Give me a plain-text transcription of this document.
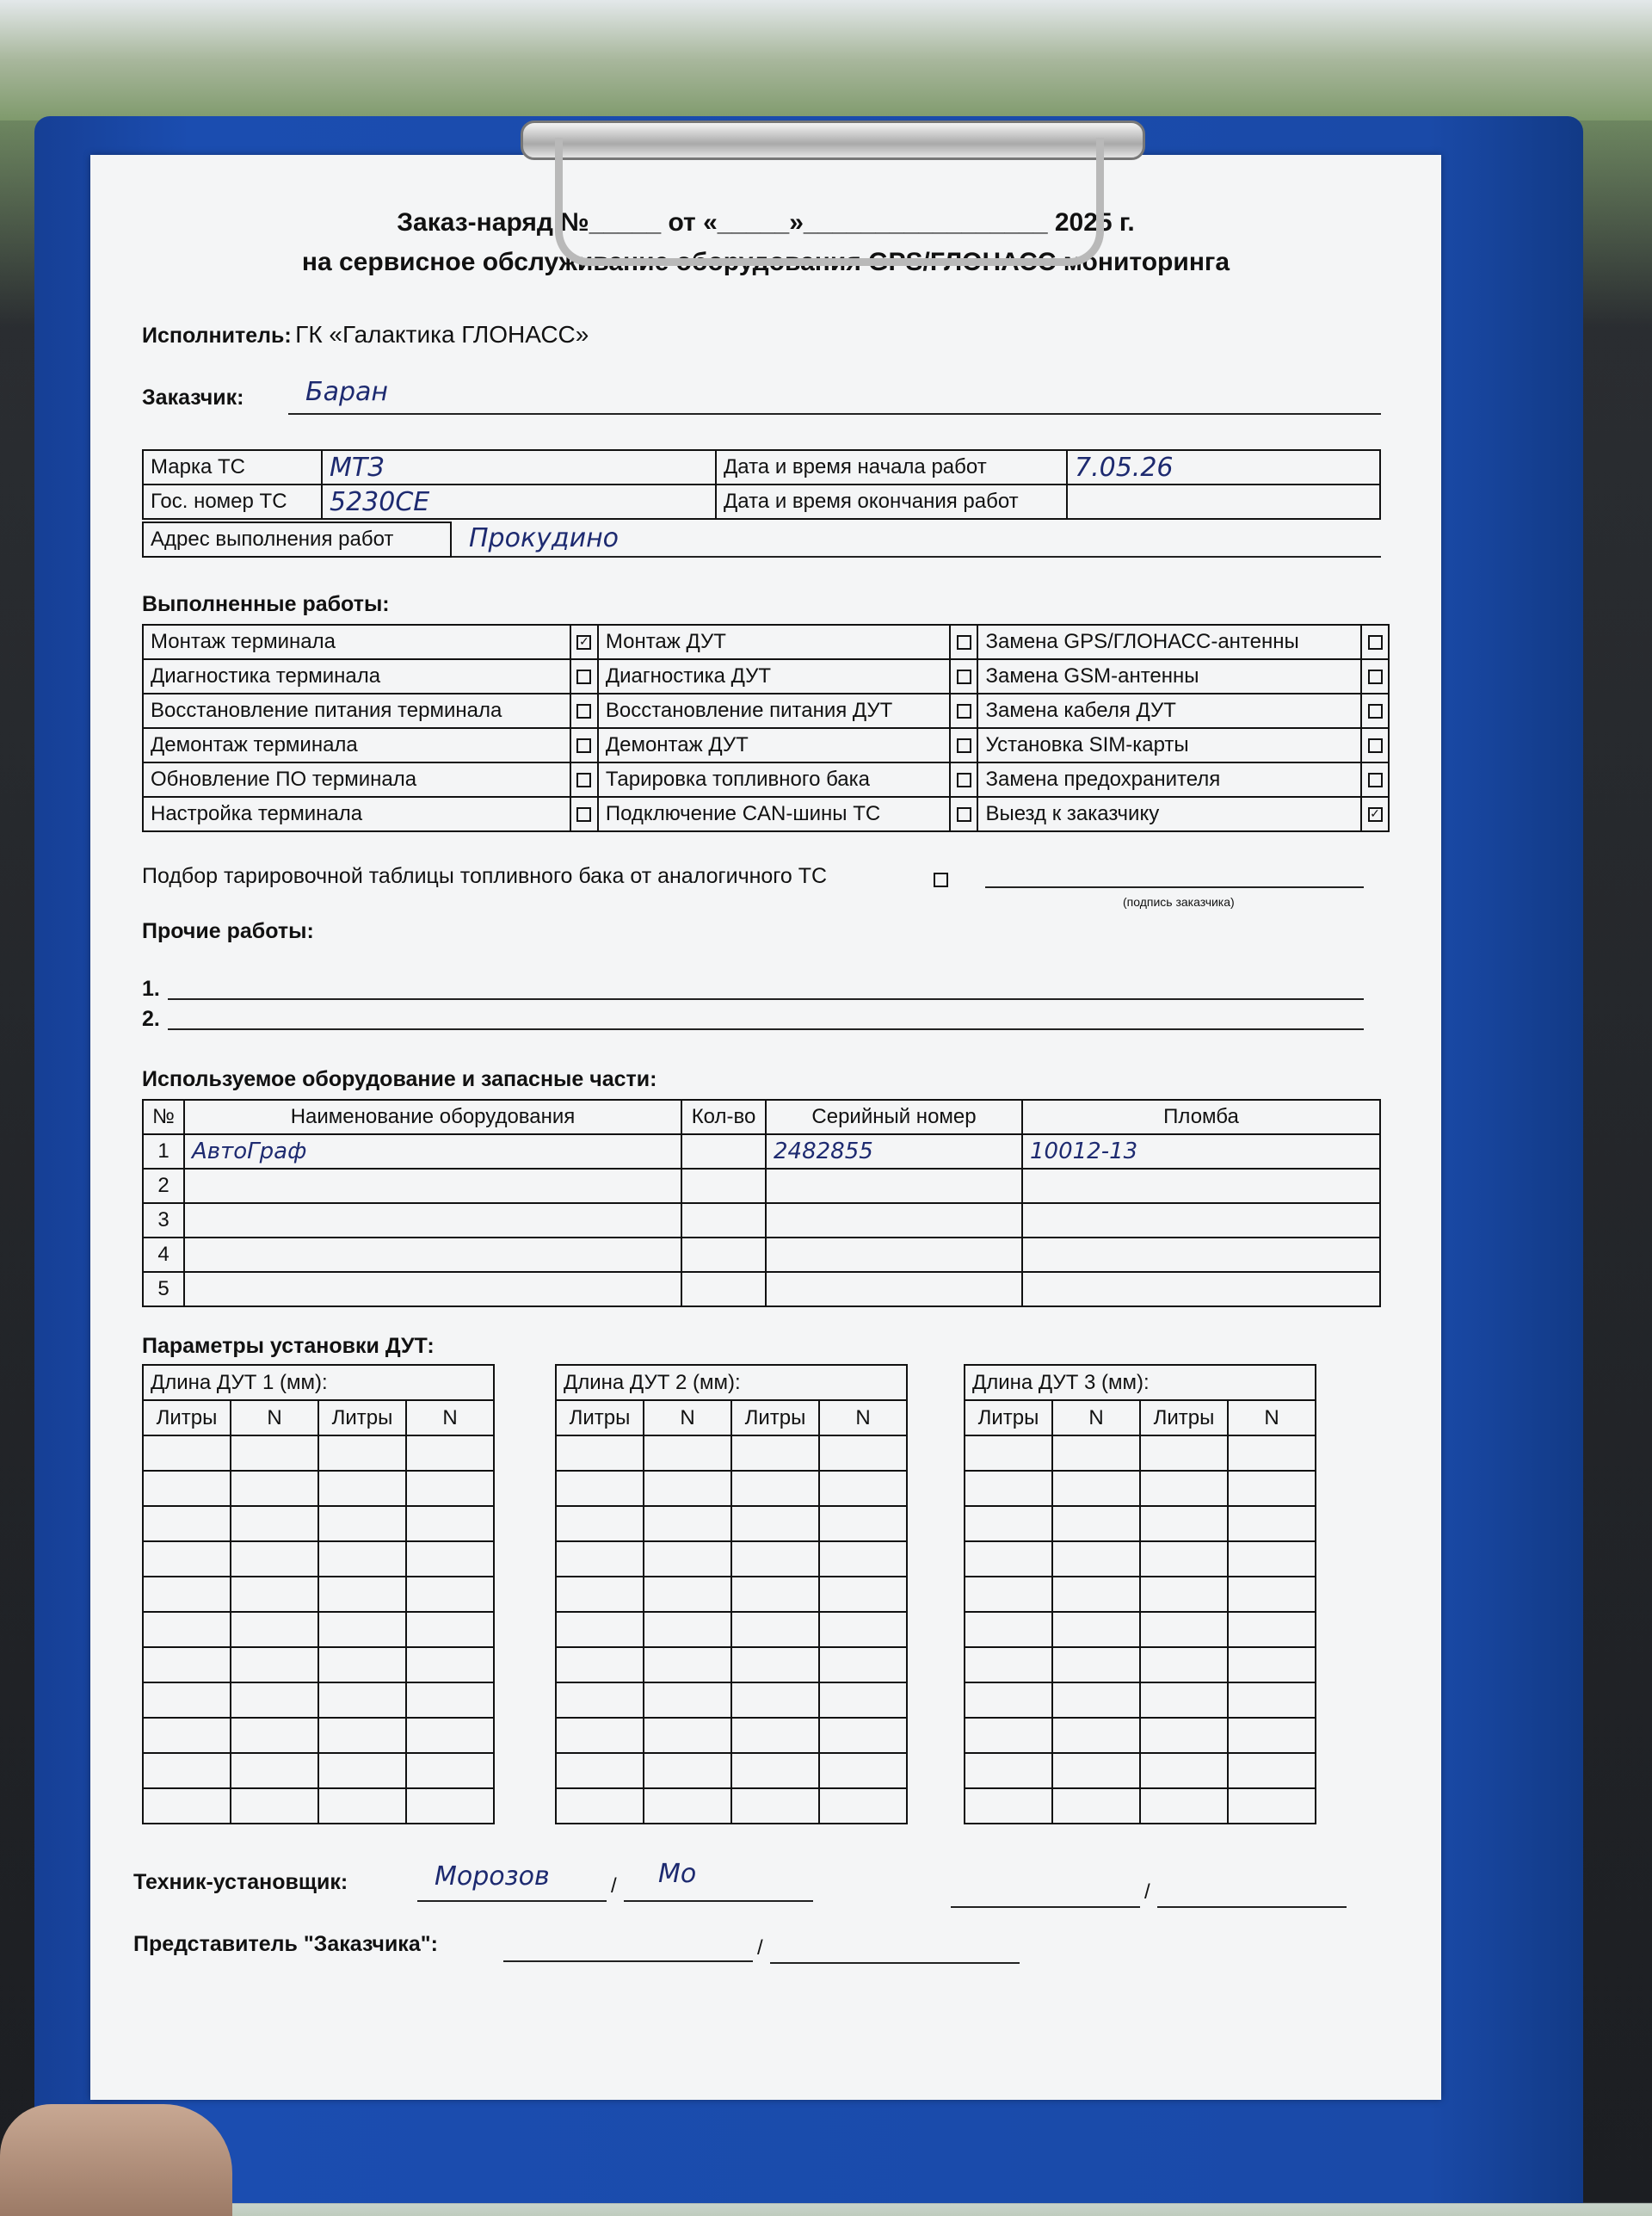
Заказ-наряд №_____ от «_____»_________________ 2025 г.
на сервисное обслуживание оборудования GPS/ГЛОНАСС мониторинга
Исполнитель: ГК «Галактика ГЛОНАСС»
Заказчик: Баран
Марка ТС	МТЗ	Дата и время начала работ	7.05.26
Гос. номер ТС	5230СЕ	Дата и время окончания работ	
Адрес выполнения работ	Прокудино
Выполненные работы:
Монтаж терминала	✓	Монтаж ДУТ		Замена GPS/ГЛОНАСС-антенны	
Диагностика терминала		Диагностика ДУТ		Замена GSM-антенны	
Восстановление питания терминала		Восстановление питания ДУТ		Замена кабеля ДУТ	
Демонтаж терминала		Демонтаж ДУТ		Установка SIM-карты	
Обновление ПО терминала		Тарировка топливного бака		Замена предохранителя	
Настройка терминала		Подключение CAN-шины ТС		Выезд к заказчику	✓
Подбор тарировочной таблицы топливного бака от аналогичного ТС
(подпись заказчика)
Прочие работы:
1.
2.
Используемое оборудование и запасные части:
№	Наименование оборудования	Кол-во	Серийный номер	Пломба
1	АвтоГраф		2482855	10012-13
2				
3				
4				
5				
Параметры установки ДУТ:
Длина ДУТ 1 (мм):			
Литры	N	Литры	N

Длина ДУТ 2 (мм):			
Литры	N	Литры	N

Длина ДУТ 3 (мм):			
Литры	N	Литры	N

Техник-установщик:	Морозов	/ Мо
/
Представитель "Заказчика":	/
